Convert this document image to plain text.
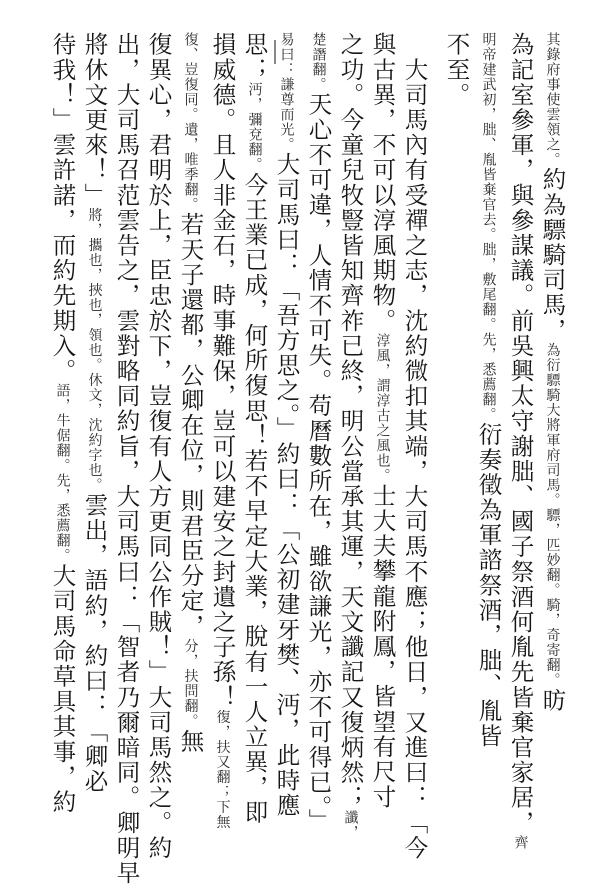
其錄府事使雲領之。約為驃騎司馬，為衍驃騎大將軍府司馬。驃，匹妙翻。騎，奇寄翻。昉
為記室參軍，與參謀議。前吳興太守謝朏、國子祭酒何胤先皆棄官家居，齊
明帝建武初，朏、胤皆棄官去。朏，敷尾翻。先，悉薦翻。衍奏徵為軍諮祭酒，朏、胤皆
不至。
　大司馬內有受禪之志，沈約微扣其端，大司馬不應；他日，又進曰：「今
與古異，不可以淳風期物。淳風，謂淳古之風也。士大夫攀龍附鳳，皆望有尺寸
之功。今童兒牧豎皆知齊祚已終，明公當承其運，天文讖記又復炳然；讖，
楚譖翻。天心不可違，人情不可失。苟曆數所在，雖欲謙光，亦不可得已。」
易曰：謙尊而光。大司馬曰：「吾方思之。」約曰：「公初建牙樊、沔，此時應
思；沔，彌兗翻。今王業已成，何所復思！若不早定大業，脫有一人立異，即
損威德。且人非金石，時事難保，豈可以建安之封遺之子孫！復，扶又翻；下無
復、豈復同。遺，唯季翻。若天子還都，公卿在位，則君臣分定，分，扶問翻。無
復異心，君明於上，臣忠於下，豈復有人方更同公作賊！」大司馬然之。約
出，大司馬召范雲告之，雲對略同約旨，大司馬曰：「智者乃爾暗同。卿明早
將休文更來！」將，攜也，挾也，領也。休文，沈約字也。雲出，語約，約曰：「卿必
待我！」雲許諾，而約先期入。語，牛倨翻。先，悉薦翻。大司馬命草具其事，約
